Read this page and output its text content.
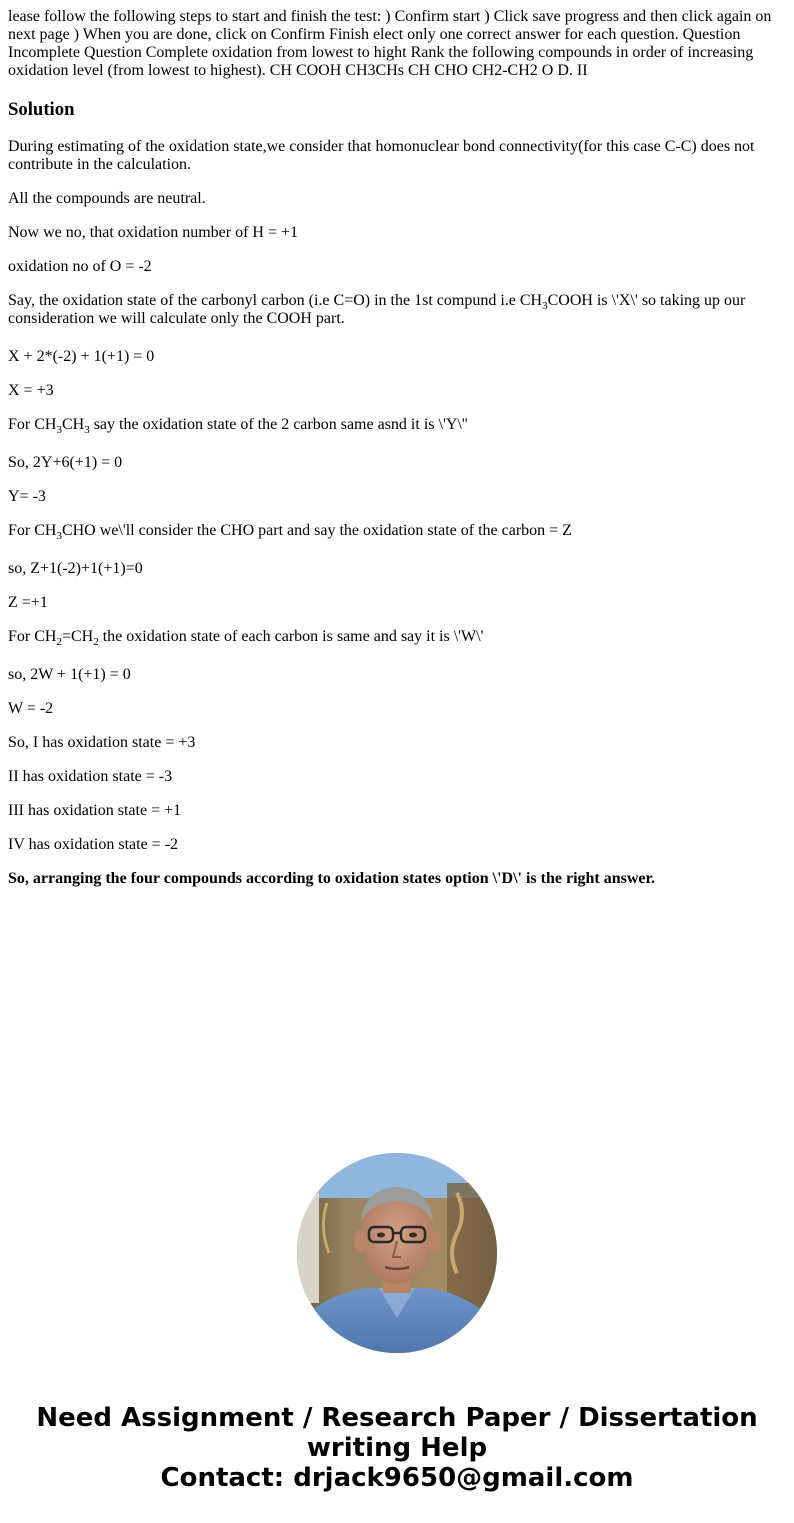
lease follow the following steps to start and finish the test: ) Confirm start ) Click save progress and then click again on next page ) When you are done, click on Confirm Finish elect only one correct answer for each question. Question Incomplete Question Complete oxidation from lowest to hight Rank the following compounds in order of increasing oxidation level (from lowest to highest). CH COOH CH3CHs CH CHO CH2-CH2 O D. II
Solution

During estimating of the oxidation state,we consider that homonuclear bond connectivity(for this case C-C) does not contribute in the calculation.

All the compounds are neutral.

Now we no, that oxidation number of H = +1

oxidation no of O = -2

Say, the oxidation state of the carbonyl carbon (i.e C=O) in the 1st compund i.e $CH_3COOH$ is \'X\' so taking up our consideration we will calculate only the COOH part.

X + 2*(-2) + 1(+1) = 0

X = +3

For $CH_3CH_3$ say the oxidation state of the 2 carbon same asnd it is \'Y\''

So, 2Y+6(+1) = 0

Y= -3

For $CH_3CHO$ we\'ll consider the CHO part and say the oxidation state of the carbon = Z

so, Z+1(-2)+1(+1)=0

Z =+1

For $CH_2=CH_2$ the oxidation state of each carbon is same and say it is \'W\'

so, 2W + 1(+1) = 0

W = -2

So, I has oxidation state = +3

II has oxidation state = -3

III has oxidation state = +1

IV has oxidation state = -2

So, arranging the four compounds according to oxidation states option \'D\' is the right answer.

Need Assignment / Research Paper / Dissertation
writing Help
Contact: drjack9650@gmail.com
